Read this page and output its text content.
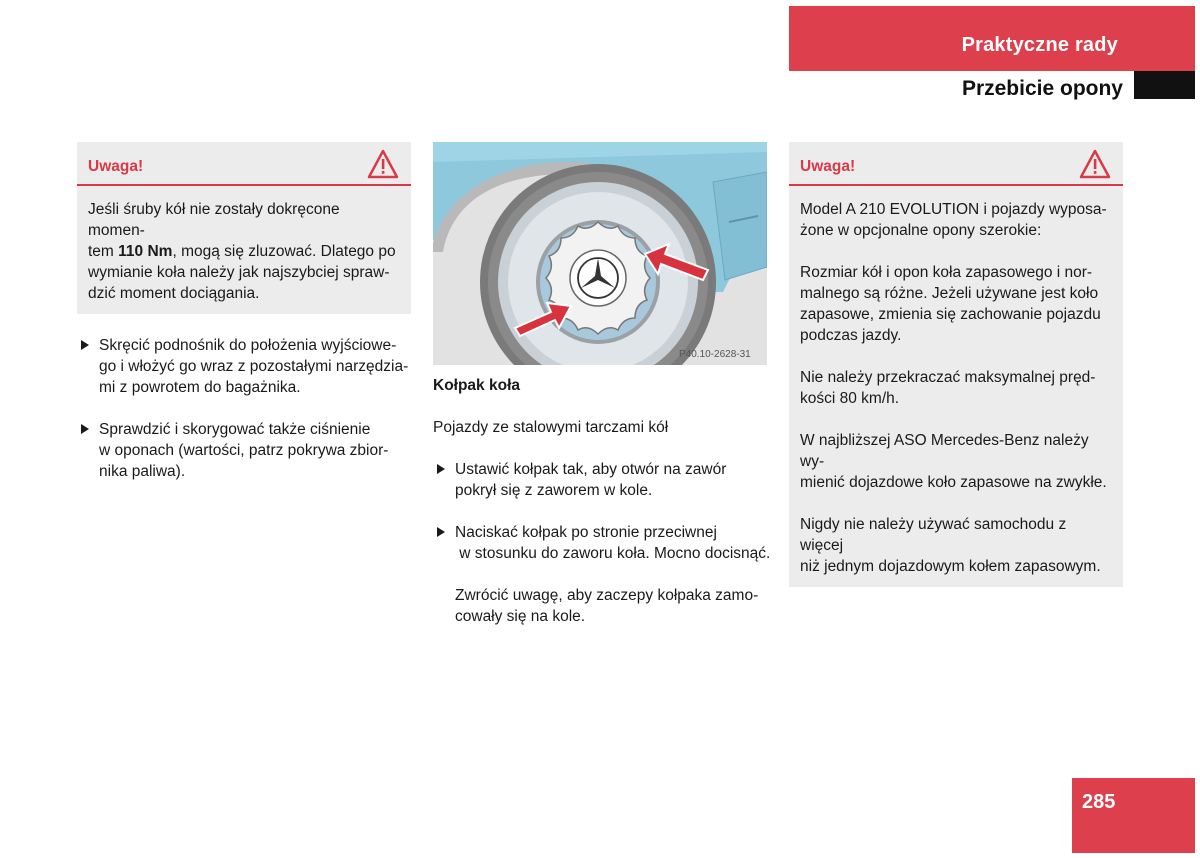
Praktyczne rady
Przebicie opony
Uwaga!

Jeśli śruby kół nie zostały dokręcone momen-
tem 110 Nm, mogą się zluzować. Dlatego po
wymianie koła należy jak najszybciej spraw-
dzić moment dociągania.

Skręcić podnośnik do położenia wyjściowe-
go i włożyć go wraz z pozostałymi narzędzia-
mi z powrotem do bagażnika.
Sprawdzić i skorygować także ciśnienie
w oponach (wartości, patrz pokrywa zbior-
nika paliwa).
P40.10-2628-31

Kołpak koła

Pojazdy ze stalowymi tarczami kół

Ustawić kołpak tak, aby otwór na zawór
pokrył się z zaworem w kole.
Naciskać kołpak po stronie przeciwnej
w stosunku do zaworu koła. Mocno docisnąć.
Zwrócić uwagę, aby zaczepy kołpaka zamo-
cowały się na kole.
Uwaga!

Model A 210 EVOLUTION i pojazdy wyposa-
żone w opcjonalne opony szerokie:

Rozmiar kół i opon koła zapasowego i nor-
malnego są różne. Jeżeli używane jest koło
zapasowe, zmienia się zachowanie pojazdu
podczas jazdy.

Nie należy przekraczać maksymalnej pręd-
kości 80 km/h.

W najbliższej ASO Mercedes-Benz należy wy-
mienić dojazdowe koło zapasowe na zwykłe.

Nigdy nie należy używać samochodu z więcej
niż jednym dojazdowym kołem zapasowym.

285
